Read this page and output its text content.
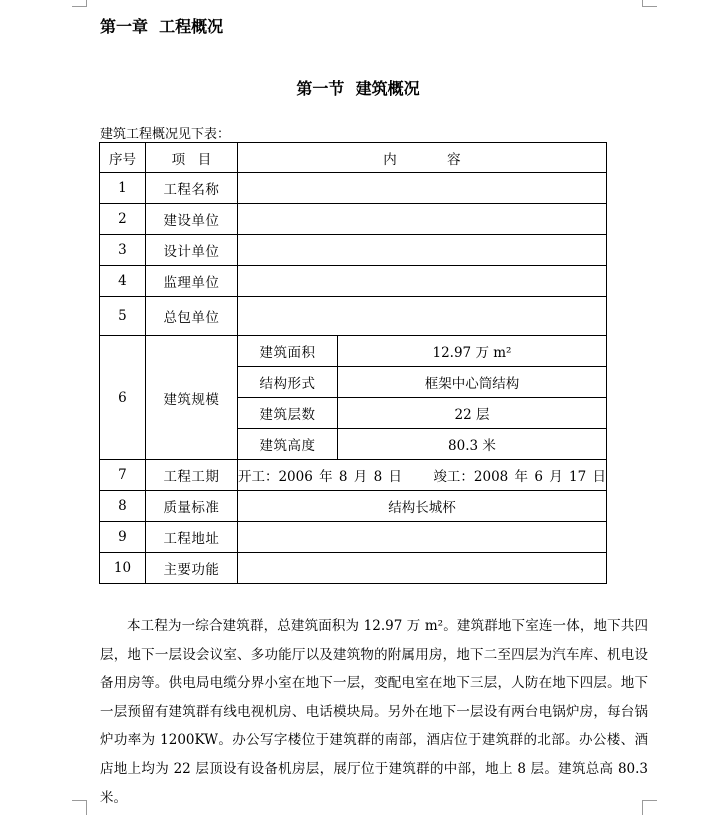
第一章  工程概况
第一节  建筑概况
建筑工程概况见下表：
序号	项  目	内        容	
1	工程名称		
2	建设单位		
3	设计单位		
4	监理单位		
5	总包单位		
6	建筑规模	建筑面积	12.97 万 m²
		结构形式	框架中心筒结构
		建筑层数	22 层
		建筑高度	80.3 米
7	工程工期	开工：2006 年 8 月 8 日     竣工：2008 年 6 月 17 日	
8	质量标准	结构长城杯	
9	工程地址		
10	主要功能		
本工程为一综合建筑群，总建筑面积为 12.97 万 m²。建筑群地下室连一体，地下共四层，地下一层设会议室、多功能厅以及建筑物的附属用房，地下二至四层为汽车库、机电设备用房等。供电局电缆分界小室在地下一层，变配电室在地下三层，人防在地下四层。地下一层预留有建筑群有线电视机房、电话模块局。另外在地下一层设有两台电锅炉房，每台锅炉功率为 1200KW。办公写字楼位于建筑群的南部，酒店位于建筑群的北部。办公楼、酒店地上均为 22 层顶设有设备机房层，展厅位于建筑群的中部，地上 8 层。建筑总高 80.3 米。
